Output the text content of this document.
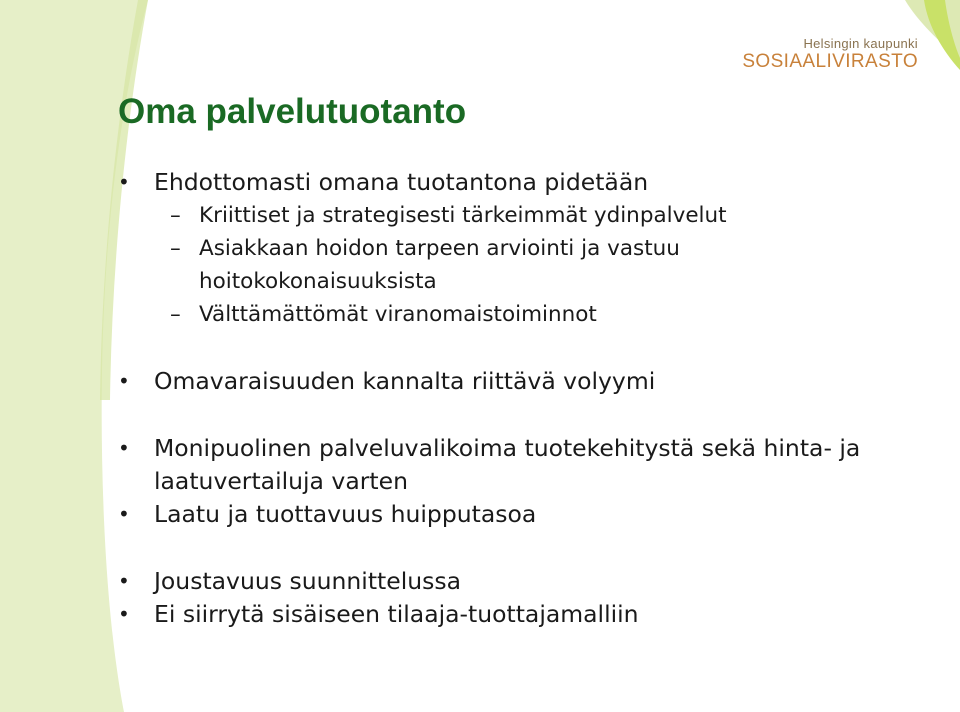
Helsingin kaupunki
SOSIAALIVIRASTO
Oma palvelutuotanto
• Ehdottomasti omana tuotantona pidetään
– Kriittiset ja strategisesti tärkeimmät ydinpalvelut
– Asiakkaan hoidon tarpeen arviointi ja vastuu hoitokokonaisuuksista
– Välttämättömät viranomaistoiminnot
• Omavaraisuuden kannalta riittävä volyymi
• Monipuolinen palveluvalikoima tuotekehitystä sekä hinta- ja laatuvertailuja varten
• Laatu ja tuottavuus huipputasoa
• Joustavuus suunnittelussa
• Ei siirrytä sisäiseen tilaaja-tuottajamalliin
